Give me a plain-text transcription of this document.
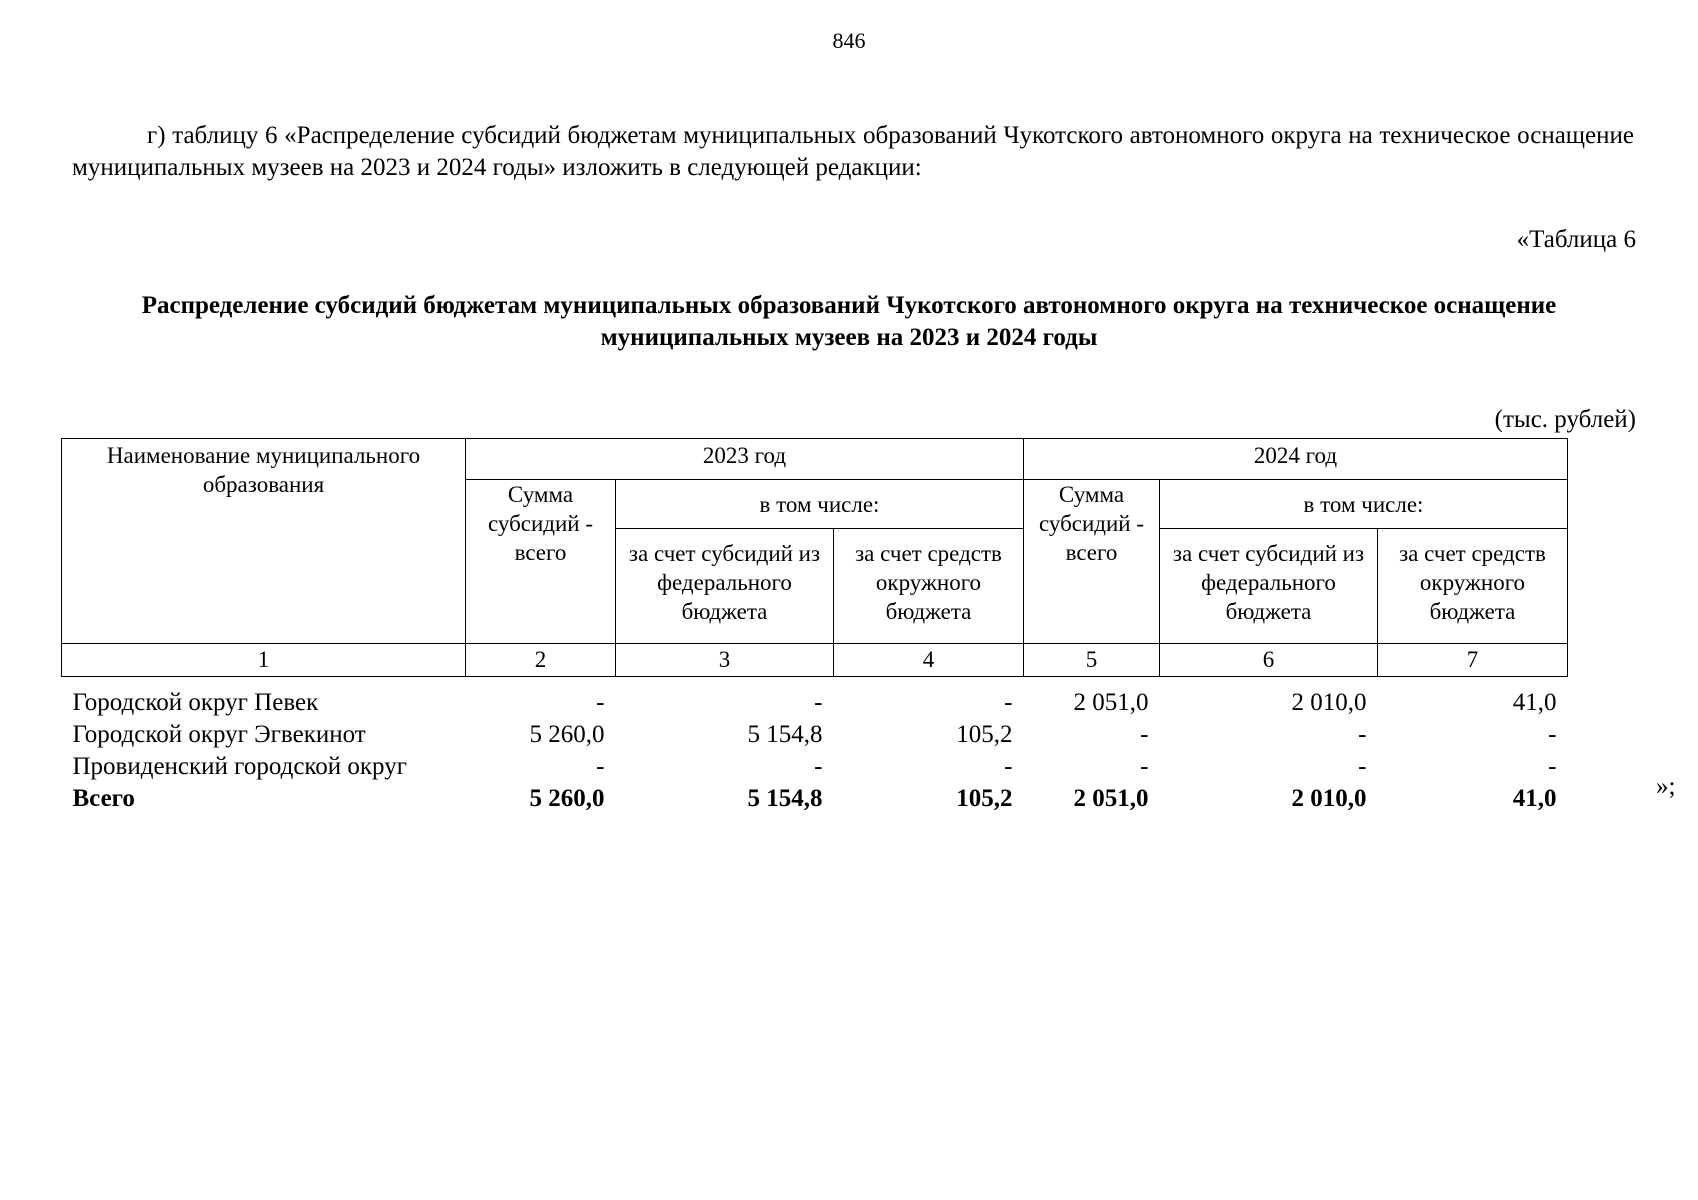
846
г) таблицу 6 «Распределение субсидий бюджетам муниципальных образований Чукотского автономного округа на техническое оснащение муниципальных музеев на 2023 и 2024 годы» изложить в следующей редакции:
«Таблица 6
Распределение субсидий бюджетам муниципальных образований Чукотского автономного округа на техническое оснащение муниципальных музеев на 2023 и 2024 годы
(тыс. рублей)
Наименование муниципального образования	2023 год			2024 год			
	Сумма субсидий - всего	в том числе:		Сумма субсидий - всего	в том числе:		
		за счет субсидий из федерального бюджета	за счет средств окружного бюджета		за счет субсидий из федерального бюджета	за счет средств окружного бюджета	
1	2	3	4	5	6	7	

Городской округ Певек	-	-	-	2 051,0	2 010,0	41,0	
Городской округ Эгвекинот	5 260,0	5 154,8	105,2	-	-	-	
Провиденский городской округ	-	-	-	-	-	-	
Всего	5 260,0	5 154,8	105,2	2 051,0	2 010,0	41,0		»;
